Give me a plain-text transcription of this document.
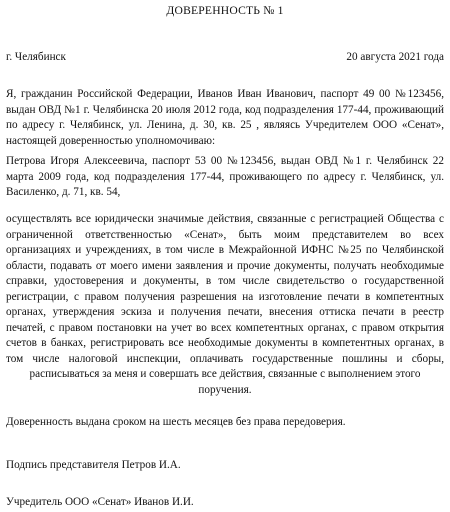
ДОВЕРЕННОСТЬ № 1
г. Челябинск	20 августа 2021 года
Я, гражданин Российской Федерации, Иванов Иван Иванович, паспорт 49 00 №123456, выдан ОВД №1 г. Челябинска 20 июля 2012 года, код подразделения 177-44, проживающий по адресу г. Челябинск, ул. Ленина, д. 30, кв. 25 , являясь Учредителем ООО «Сенат», настоящей доверенностью уполномочиваю:
Петрова Игоря Алексеевича, паспорт 53 00 №123456, выдан ОВД №1 г. Челябинск 22 марта 2009 года, код подразделения 177-44, проживающего по адресу г. Челябинск, ул. Василенко, д. 71, кв. 54,
осуществлять все юридически значимые действия, связанные с регистрацией Общества с ограниченной ответственностью «Сенат», быть моим представителем во всех организациях и учреждениях, в том числе в Межрайонной ИФНС №25 по Челябинской области, подавать от моего имени заявления и прочие документы, получать необходимые справки, удостоверения и документы, в том числе свидетельство о государственной регистрации, с правом получения разрешения на изготовление печати в компетентных органах, утверждения эскиза и получения печати, внесения оттиска печати в реестр печатей, с правом постановки на учет во всех компетентных органах, с правом открытия счетов в банках, регистрировать все необходимые документы в компетентных органах, в том числе налоговой инспекции, оплачивать государственные пошлины и сборы, расписываться за меня и совершать все действия, связанные с выполнением этого
поручения.
Доверенность выдана сроком на шесть месяцев без права передоверия.
Подпись представителя Петров И.А.
Учредитель ООО «Сенат» Иванов И.И.
